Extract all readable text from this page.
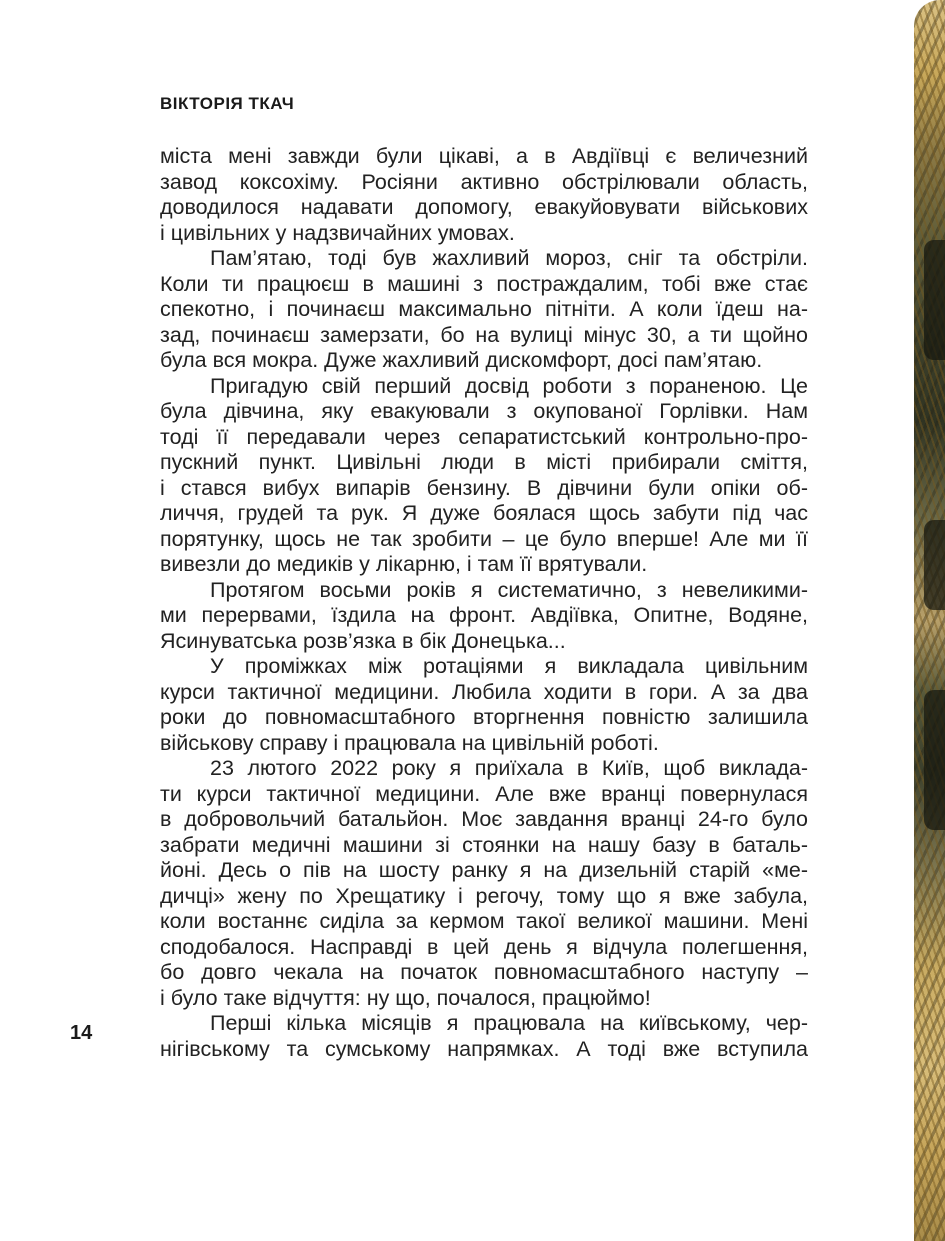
ВІКТОРІЯ ТКАЧ
міста мені завжди були цікаві, а в Авдіївці є величезний
завод коксохіму. Росіяни активно обстрілювали область,
доводилося надавати допомогу, евакуйовувати військових
і цивільних у надзвичайних умовах.
Пам’ятаю, тоді був жахливий мороз, сніг та обстріли.
Коли ти працюєш в машині з постраждалим, тобі вже стає
спекотно, і починаєш максимально пітніти. А коли їдеш на-
зад, починаєш замерзати, бо на вулиці мінус 30, а ти щойно
була вся мокра. Дуже жахливий дискомфорт, досі пам’ятаю.
Пригадую свій перший досвід роботи з пораненою. Це
була дівчина, яку евакуювали з окупованої Горлівки. Нам
тоді її передавали через сепаратистський контрольно-про-
пускний пункт. Цивільні люди в місті прибирали сміття,
і стався вибух випарів бензину. В дівчини були опіки об-
личчя, грудей та рук. Я дуже боялася щось забути під час
порятунку, щось не так зробити – це було вперше! Але ми її
вивезли до медиків у лікарню, і там її врятували.
Протягом восьми років я систематично, з невеликими-
ми перервами, їздила на фронт. Авдіївка, Опитне, Водяне,
Ясинуватська розв’язка в бік Донецька...
У проміжках між ротаціями я викладала цивільним
курси тактичної медицини. Любила ходити в гори. А за два
роки до повномасштабного вторгнення повністю залишила
військову справу і працювала на цивільній роботі.
23 лютого 2022 року я приїхала в Київ, щоб виклада-
ти курси тактичної медицини. Але вже вранці повернулася
в добровольчий батальйон. Моє завдання вранці 24-го було
забрати медичні машини зі стоянки на нашу базу в баталь-
йоні. Десь о пів на шосту ранку я на дизельній старій «ме-
дичці» жену по Хрещатику і регочу, тому що я вже забула,
коли востаннє сиділа за кермом такої великої машини. Мені
сподобалося. Насправді в цей день я відчула полегшення,
бо довго чекала на початок повномасштабного наступу –
і було таке відчуття: ну що, почалося, працюймо!
Перші кілька місяців я працювала на київському, чер-
нігівському та сумському напрямках. А тоді вже вступила
14
